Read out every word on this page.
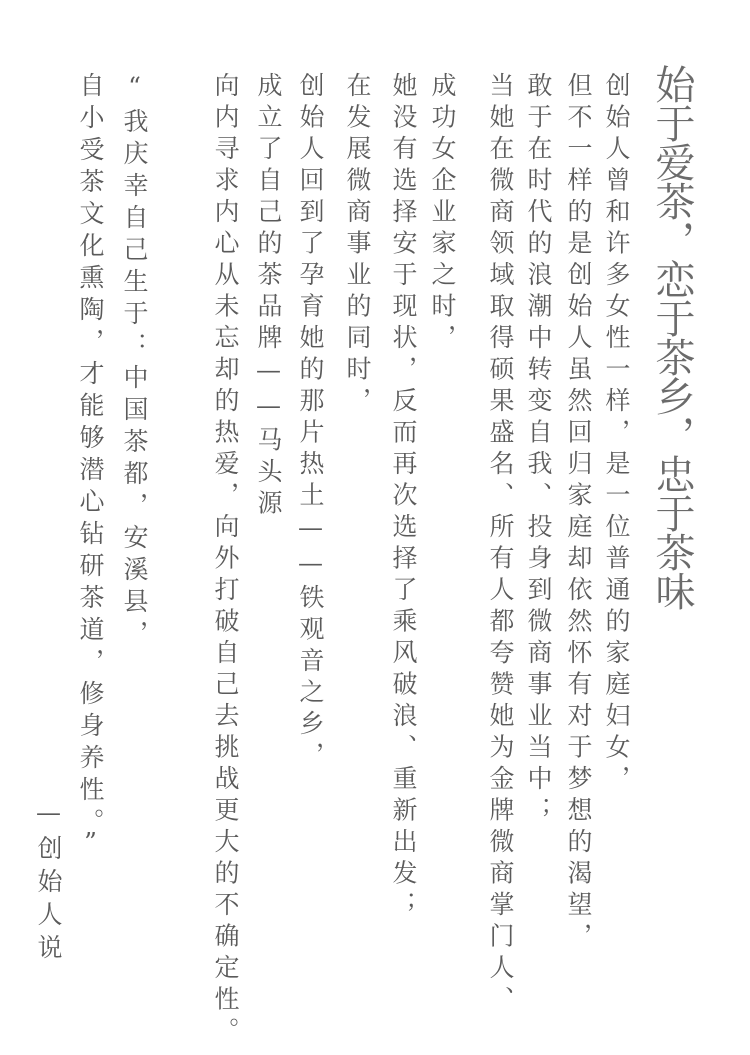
始于爱茶，恋于茶乡，忠于茶味
创始人曾和许多女性一样，是一位普通的家庭妇女，
但不一样的是创始人虽然回归家庭却依然怀有对于梦想的渴望，
敢于在时代的浪潮中转变自我、投身到微商事业当中；
当她在微商领域取得硕果盛名、所有人都夸赞她为金牌微商掌门人、
成功女企业家之时，
她没有选择安于现状，反而再次选择了乘风破浪、重新出发；
在发展微商事业的同时，
创始人回到了孕育她的那片热土——铁观音之乡，
成立了自己的茶品牌——马头源
向内寻求内心从未忘却的热爱，向外打破自己去挑战更大的不确定性。
“我庆幸自己生于：中国茶都，安溪县，
自小受茶文化熏陶，才能够潜心钻研茶道，修身养性。”
—创始人说
